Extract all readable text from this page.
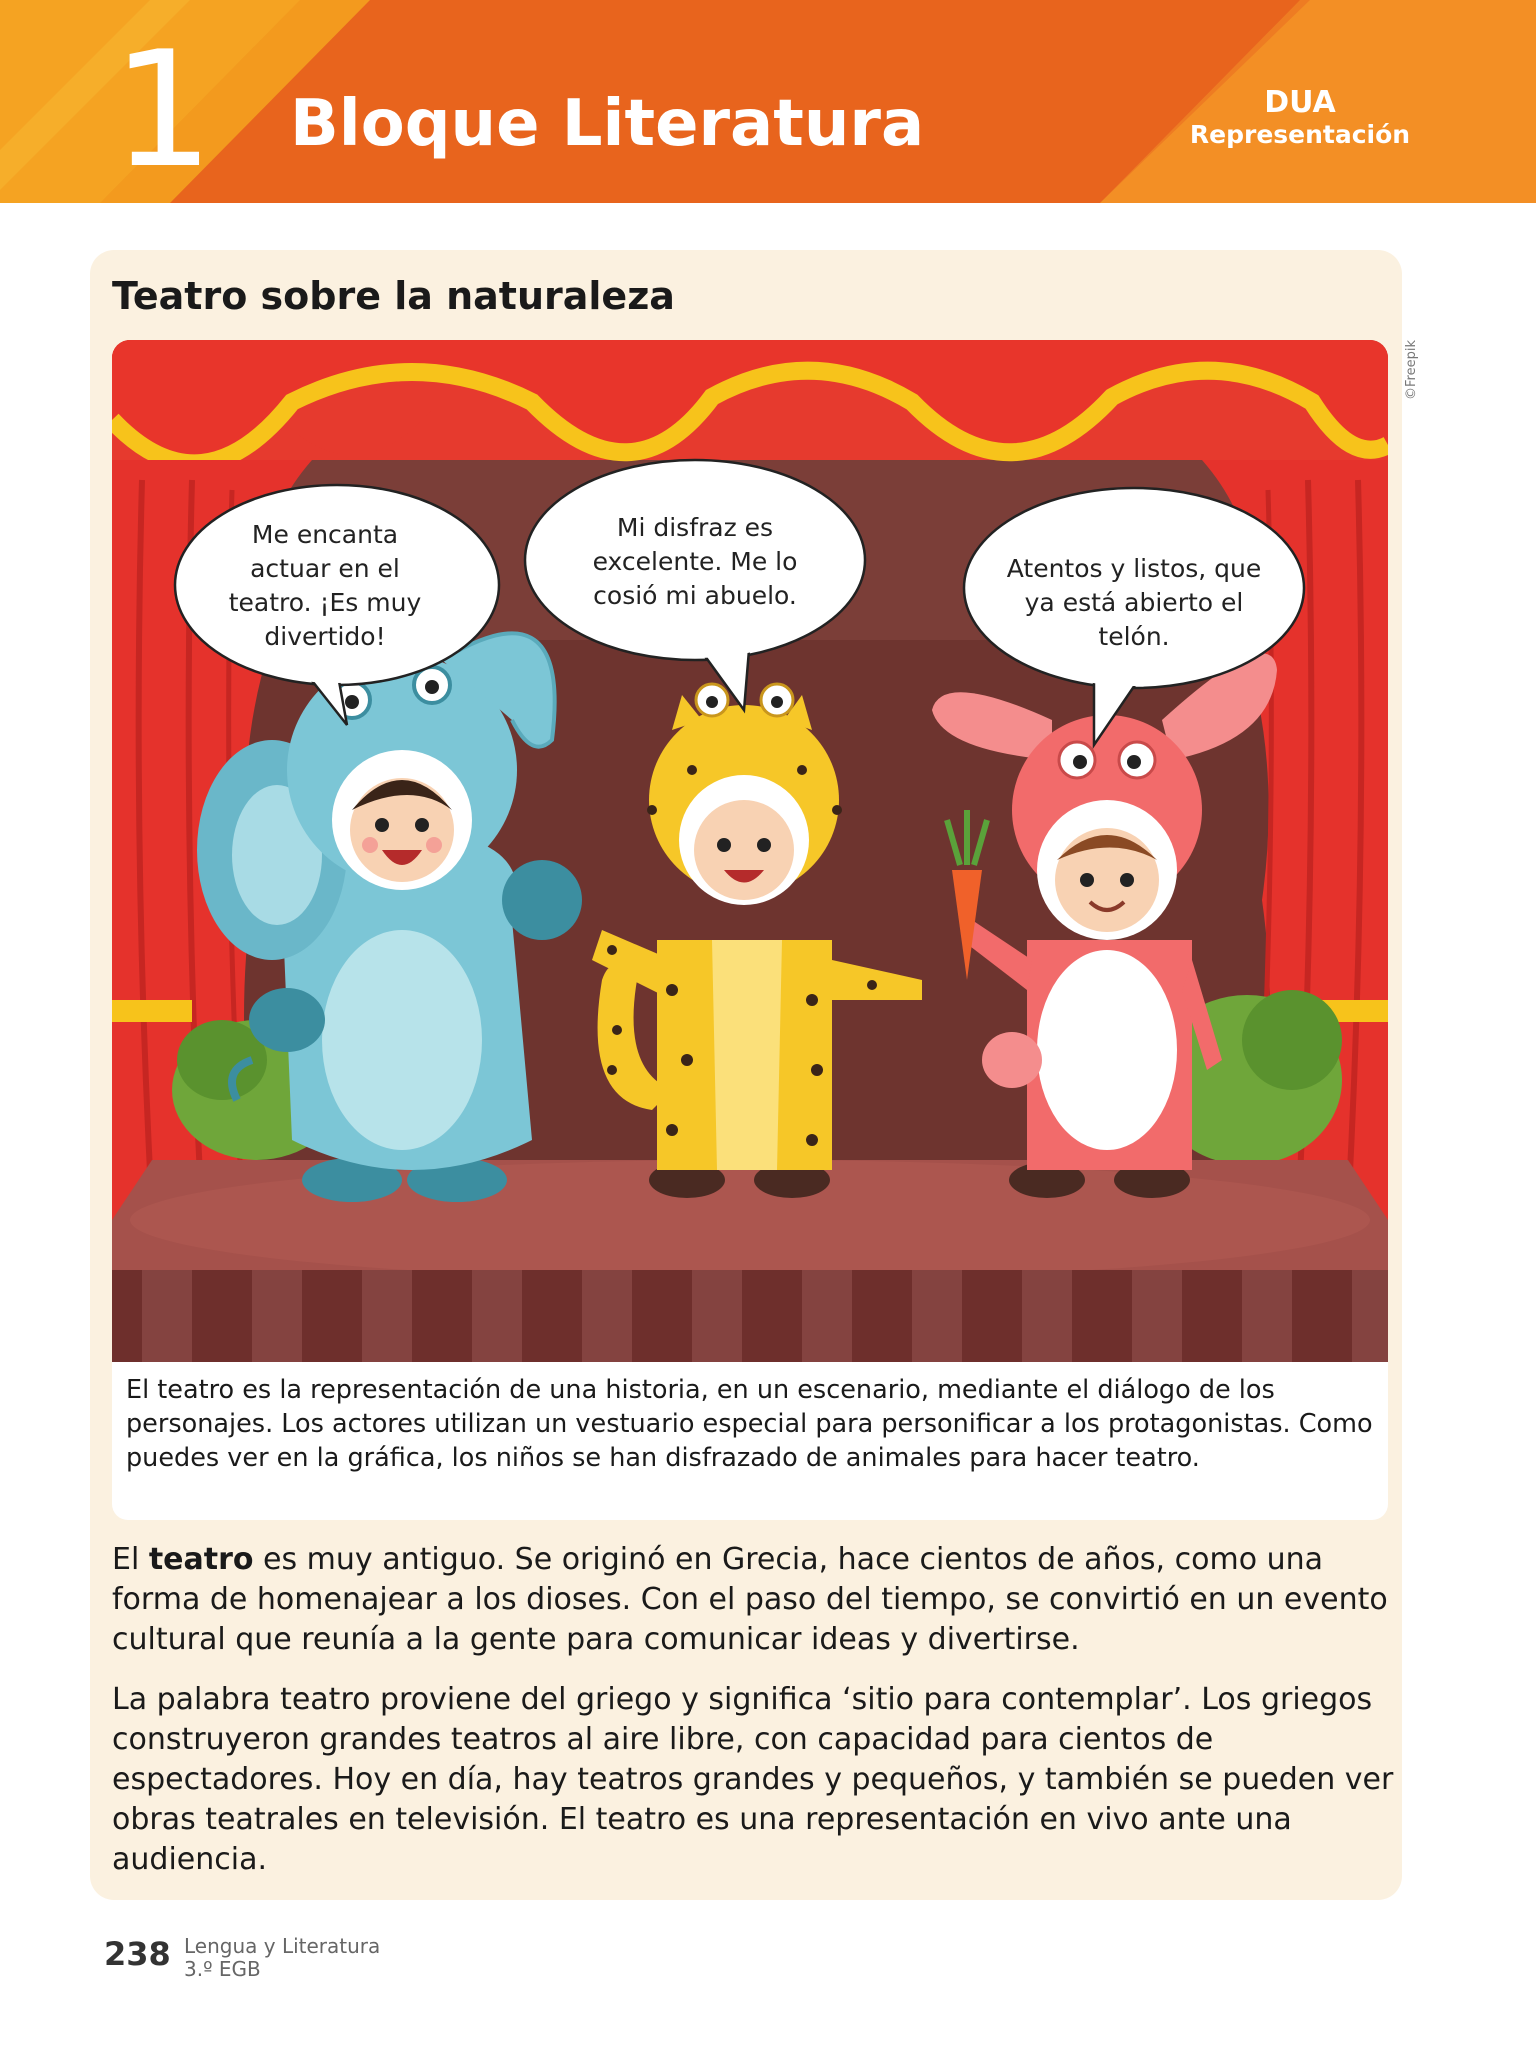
1 Bloque Literatura	DUA
Representación
Teatro sobre la naturaleza
Me encanta actuar en el teatro. ¡Es muy divertido!
Mi disfraz es excelente. Me lo cosió mi abuelo.
Atentos y listos, que ya está abierto el telón.
©Freepik
El teatro es la representación de una historia, en un escenario, mediante el diálogo de los personajes. Los actores utilizan un vestuario especial para personificar a los protagonistas. Como puedes ver en la gráfica, los niños se han disfrazado de animales para hacer teatro.
El teatro es muy antiguo. Se originó en Grecia, hace cientos de años, como una forma de homenajear a los dioses. Con el paso del tiempo, se convirtió en un evento cultural que reunía a la gente para comunicar ideas y divertirse.
La palabra teatro proviene del griego y significa ‘sitio para contemplar’. Los griegos construyeron grandes teatros al aire libre, con capacidad para cientos de espectadores. Hoy en día, hay teatros grandes y pequeños, y también se pueden ver obras teatrales en televisión. El teatro es una representación en vivo ante una audiencia.
238 Lengua y Literatura
3.º EGB
